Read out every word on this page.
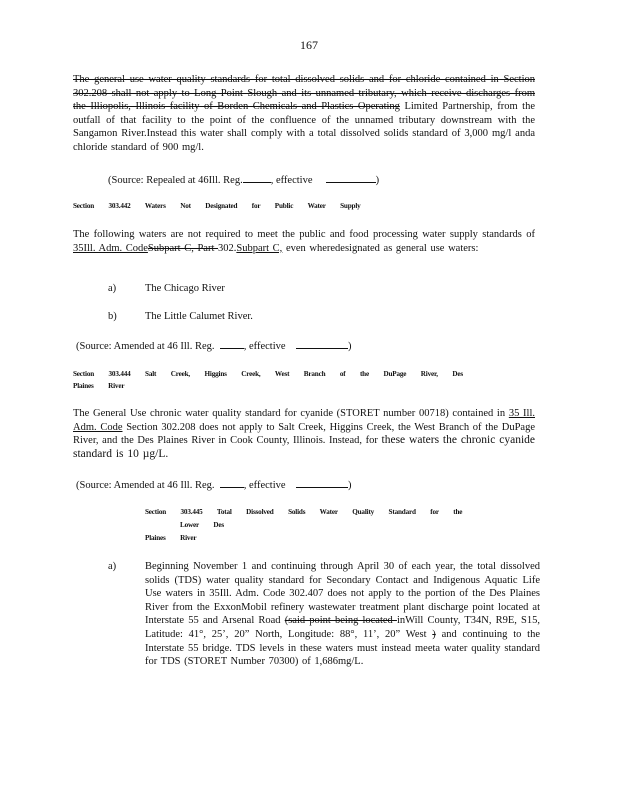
167
The general use water quality standards for total dissolved solids and for chloride contained in Section 302.208 shall not apply to Long Point Slough and its unnamed tributary, which receive discharges from the Illiopolis, Illinois facility of Borden Chemicals and Plastics Operating Limited Partnership, from the outfall of that facility to the point of the confluence of the unnamed tributary downstream with the Sangamon River.Instead this water shall comply with a total dissolved solids standard of 3,000 mg/l anda chloride standard of 900 mg/l.
(Source: Repealed at 46Ill. Reg.	, effective	)
Section 303.442 Waters Not Designated for Public Water Supply
The following waters are not required to meet the public and food processing water supply standards of 35Ill. Adm. CodeSubpart C, Part 302.Subpart C, even wheredesignated as general use waters:
a)	The Chicago River
b)	The Little Calumet River.
(Source: Amended at 46 Ill. Reg.	, effective	)
Section 303.444 Salt Creek, Higgins Creek, West Branch of the DuPage River, Des
Plaines River
The General Use chronic water quality standard for cyanide (STORET number 00718) contained in 35 Ill. Adm. Code Section 302.208 does not apply to Salt Creek, Higgins Creek, the West Branch of the DuPage River, and the Des Plaines River in Cook County, Illinois. Instead, for these waters the chronic cyanide standard is 10 µg/L.
(Source: Amended at 46 Ill. Reg.	, effective	)
Section 303.445 Total Dissolved Solids Water Quality Standard for the
Lower Des
Plaines River
a)	Beginning November 1 and continuing through April 30 of each year, the total dissolved solids (TDS) water quality standard for Secondary Contact and Indigenous Aquatic Life Use waters in 35Ill. Adm. Code 302.407 does not apply to the portion of the Des Plaines River from the ExxonMobil refinery wastewater treatment plant discharge point located at Interstate 55 and Arsenal Road (said point being located inWill County, T34N, R9E, S15, Latitude: 41°, 25’, 20” North, Longitude: 88°, 11’, 20” West ) and continuing to the Interstate 55 bridge. TDS levels in these waters must instead meeta water quality standard for TDS (STORET Number 70300) of 1,686mg/L.
